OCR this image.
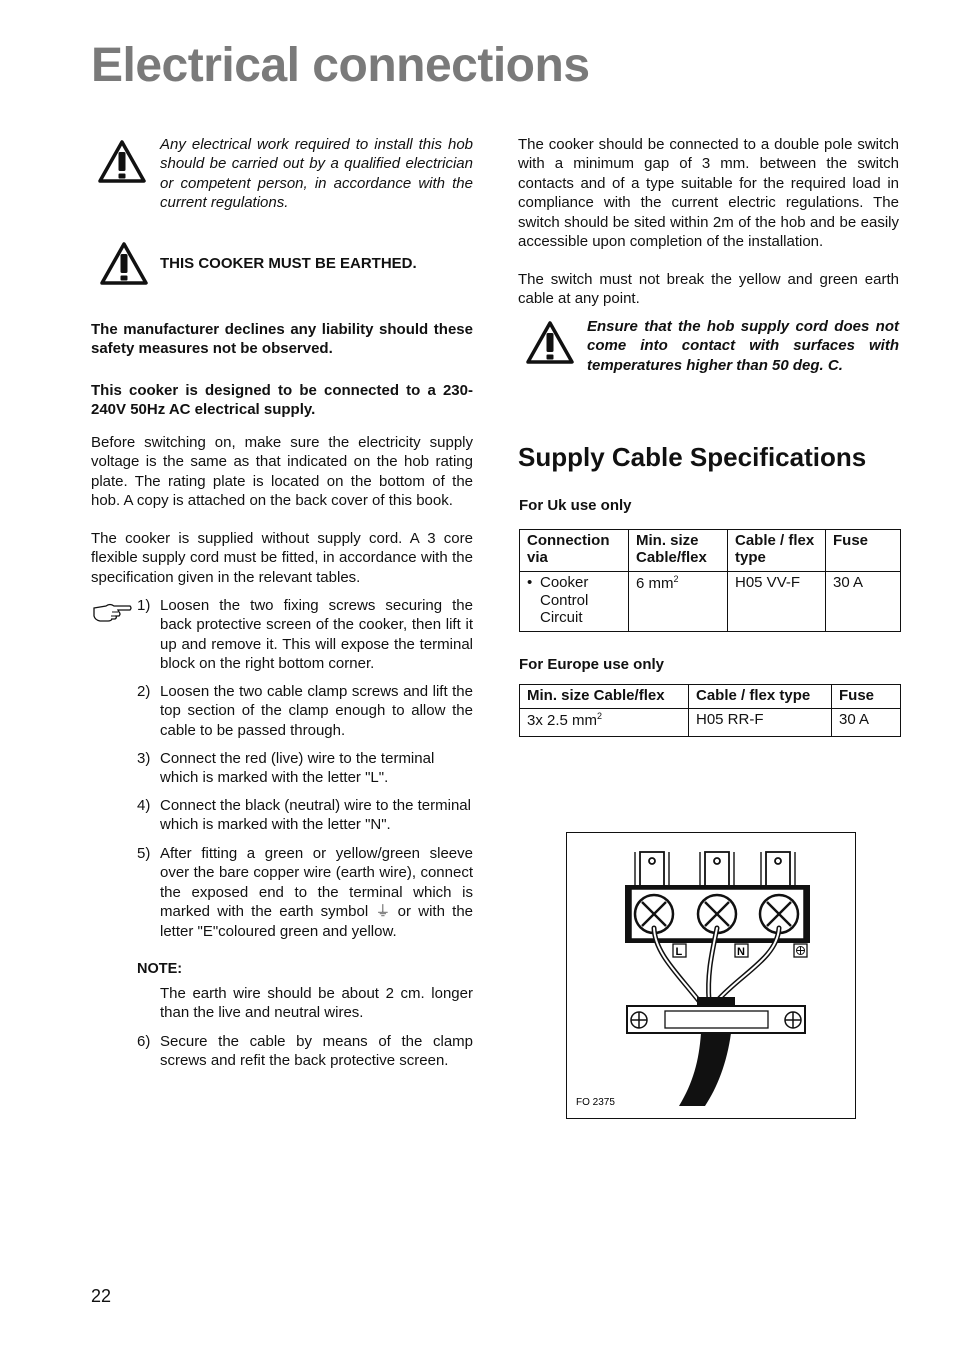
Electrical connections
Any electrical work required to install this hob should be carried out by a qualified electrician or competent person, in accordance with the current regulations.
THIS COOKER MUST BE EARTHED.
The manufacturer declines any liability should these safety measures not be observed.
This cooker is designed to be connected to a 230-240V 50Hz AC electrical supply.
Before switching on, make sure the electricity supply voltage is the same as that indicated on the hob rating plate. The rating plate is located on the bottom of the hob. A copy is attached on the back cover of this book.
The cooker is supplied without supply cord. A 3 core flexible supply cord must be fitted, in accordance with the specification given in the relevant tables.
1) Loosen the two fixing screws securing the back protective screen of the cooker, then lift it up and remove it. This will expose the terminal block on the right bottom corner.
2) Loosen the two cable clamp screws and lift the top section of the clamp enough to allow the cable to be passed through.
3) Connect the red (live) wire to the terminal which is marked with the letter "L".
4) Connect the black (neutral) wire to the terminal which is marked with the letter "N".
5) After fitting a green or yellow/green sleeve over the bare copper wire (earth wire), connect the exposed end to the terminal which is marked with the earth symbol ⏚ or with the letter "E"coloured green and yellow.
NOTE:
The earth wire should be about 2 cm. longer than the live and neutral wires.
6) Secure the cable by means of the clamp screws and refit the back protective screen.
The cooker should be connected to a double pole switch with a minimum gap of 3 mm. between the switch contacts and of a type suitable for the required load in compliance with the current electric regulations. The switch should be sited within 2m of the hob and be easily accessible upon completion of the installation.
The switch must not break the yellow and green earth cable at any point.
Ensure that the hob supply cord does not come into contact with surfaces with temperatures higher than 50 deg. C.
Supply Cable Specifications
For Uk use only
Connection via	Min. size Cable/flex	Cable / flex type	Fuse

• Cooker Control Circuit	6 $mm^2$	H05 VV-F	30 A
For Europe use only
Min. size Cable/flex	Cable / flex type	Fuse
3x 2.5 $mm^2$	H05 RR-F	30 A
L	N
FO 2375
22
